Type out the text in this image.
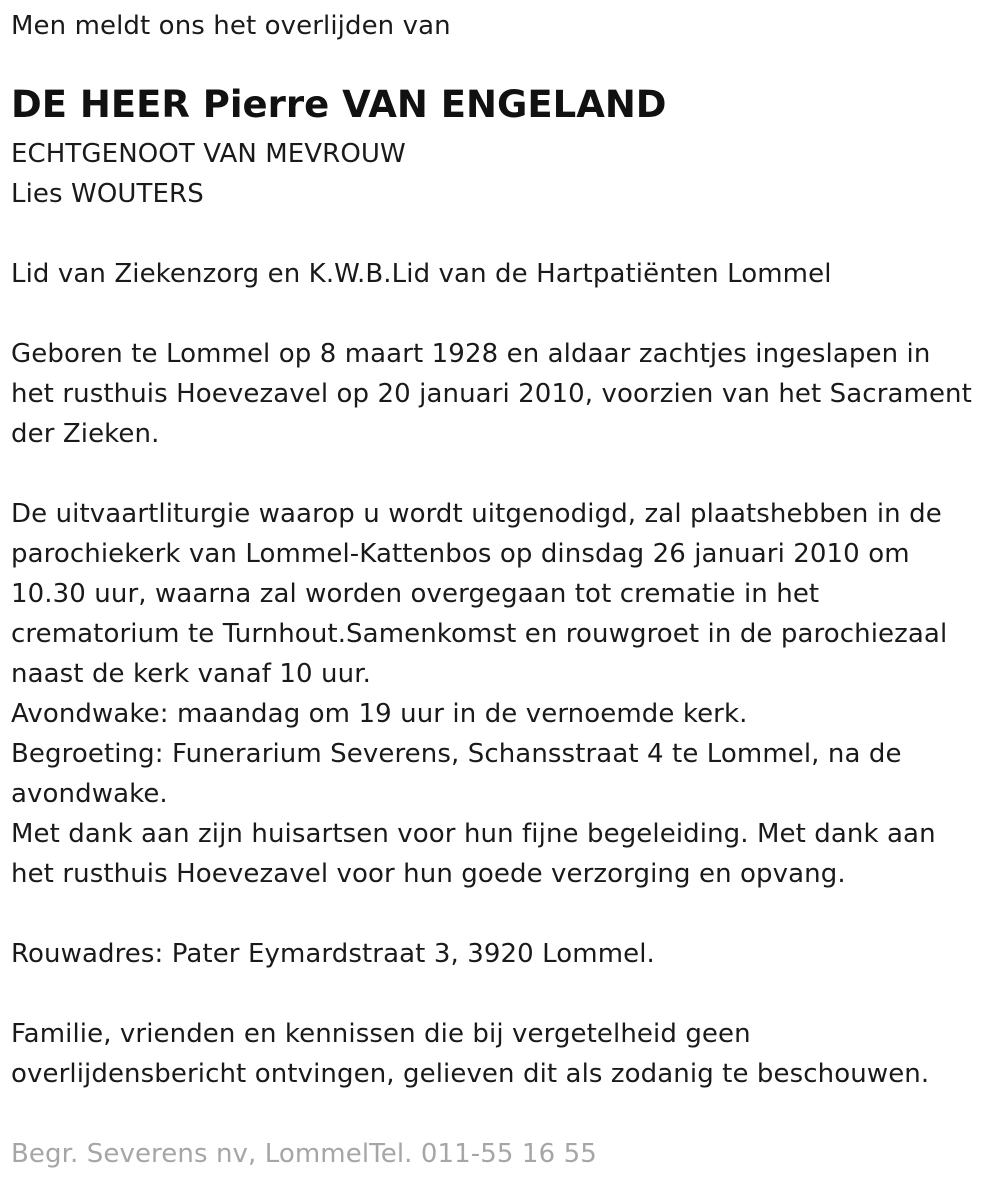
Men meldt ons het overlijden van

DE HEER Pierre VAN ENGELAND

ECHTGENOOT VAN MEVROUW

Lies WOUTERS

Lid van Ziekenzorg en K.W.B.Lid van de Hartpatiënten Lommel

Geboren te Lommel op 8 maart 1928 en aldaar zachtjes ingeslapen in

het rusthuis Hoevezavel op 20 januari 2010, voorzien van het Sacrament

der Zieken.

De uitvaartliturgie waarop u wordt uitgenodigd, zal plaatshebben in de

parochiekerk van Lommel-Kattenbos op dinsdag 26 januari 2010 om

10.30 uur, waarna zal worden overgegaan tot crematie in het

crematorium te Turnhout.Samenkomst en rouwgroet in de parochiezaal

naast de kerk vanaf 10 uur.

Avondwake: maandag om 19 uur in de vernoemde kerk.

Begroeting: Funerarium Severens, Schansstraat 4 te Lommel, na de

avondwake.

Met dank aan zijn huisartsen voor hun fijne begeleiding. Met dank aan

het rusthuis Hoevezavel voor hun goede verzorging en opvang.

Rouwadres: Pater Eymardstraat 3, 3920 Lommel.

Familie, vrienden en kennissen die bij vergetelheid geen

overlijdensbericht ontvingen, gelieven dit als zodanig te beschouwen.

Begr. Severens nv, LommelTel. 011-55 16 55
